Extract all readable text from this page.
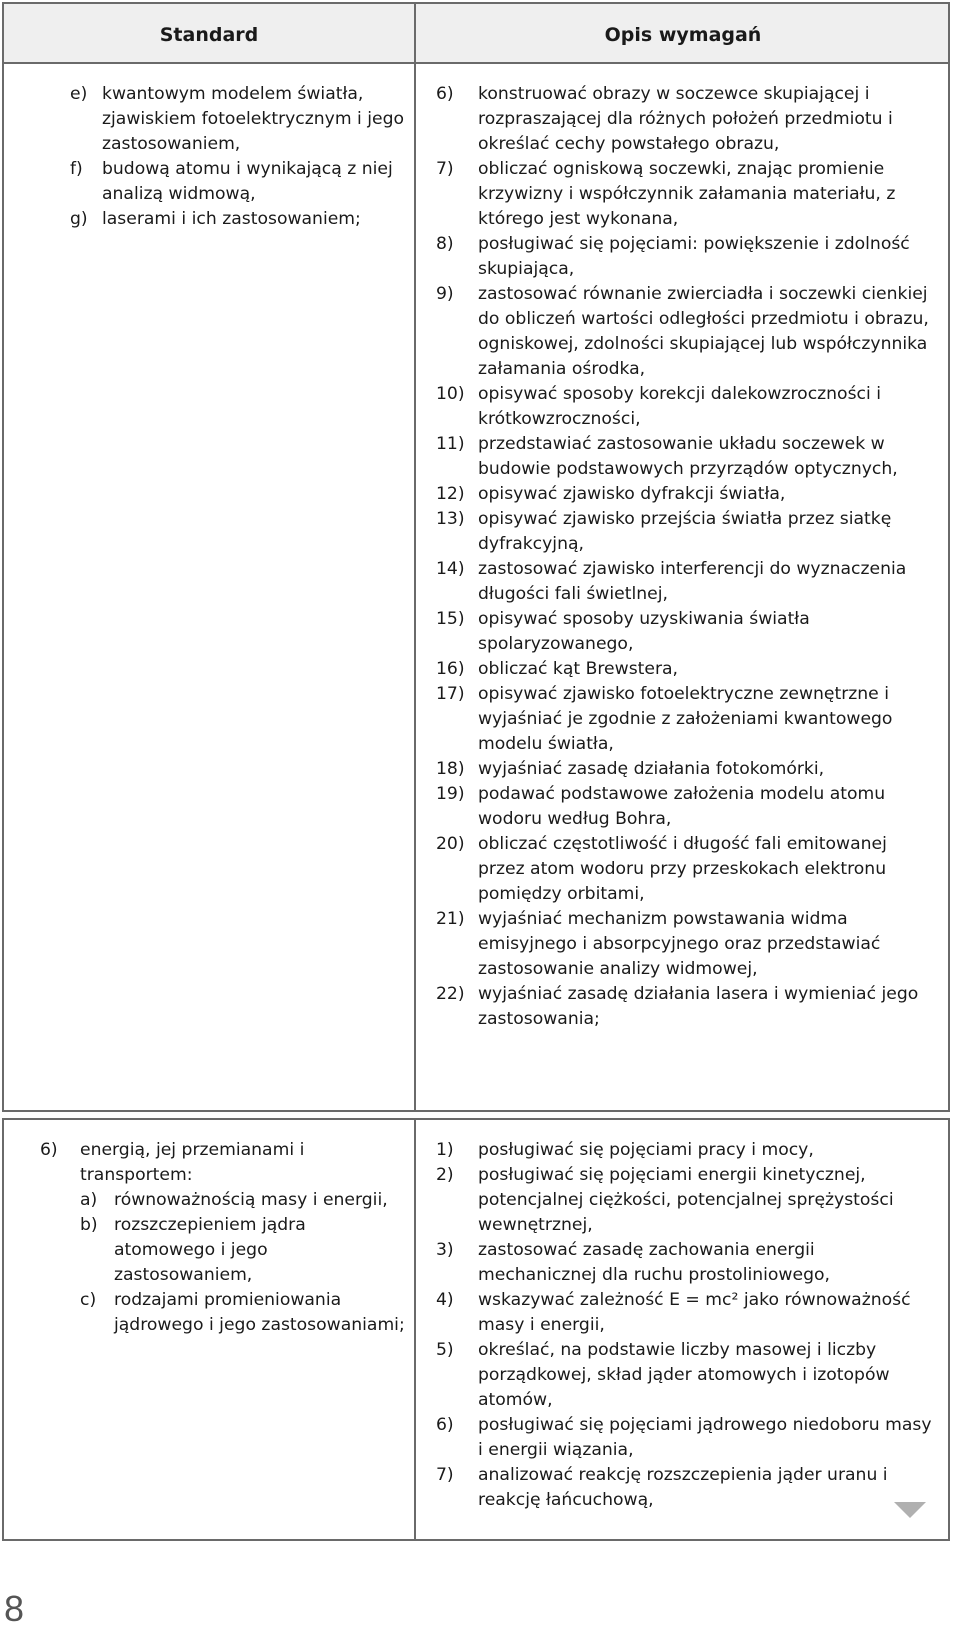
Standard	Opis wymagań
e) kwantowym modelem światła, zjawiskiem fotoelektrycznym i jego zastosowaniem,
f) budową atomu i wynikającą z niej analizą widmową,
g) laserami i ich zastosowaniem;
6) konstruować obrazy w soczewce skupiającej i rozpraszającej dla różnych położeń przedmiotu i określać cechy powstałego obrazu,
7) obliczać ogniskową soczewki, znając promienie krzywizny i współczynnik załamania materiału, z którego jest wykonana,
8) posługiwać się pojęciami: powiększenie i zdolność skupiająca,
9) zastosować równanie zwierciadła i soczewki cienkiej do obliczeń wartości odległości przedmiotu i obrazu, ogniskowej, zdolności skupiającej lub współczynnika załamania ośrodka,
10) opisywać sposoby korekcji dalekowzroczności i krótkowzroczności,
11) przedstawiać zastosowanie układu soczewek w budowie podstawowych przyrządów optycznych,
12) opisywać zjawisko dyfrakcji światła,
13) opisywać zjawisko przejścia światła przez siatkę dyfrakcyjną,
14) zastosować zjawisko interferencji do wyznaczenia długości fali świetlnej,
15) opisywać sposoby uzyskiwania światła spolaryzowanego,
16) obliczać kąt Brewstera,
17) opisywać zjawisko fotoelektryczne zewnętrzne i wyjaśniać je zgodnie z założeniami kwantowego modelu światła,
18) wyjaśniać zasadę działania fotokomórki,
19) podawać podstawowe założenia modelu atomu wodoru według Bohra,
20) obliczać częstotliwość i długość fali emitowanej przez atom wodoru przy przeskokach elektronu pomiędzy orbitami,
21) wyjaśniać mechanizm powstawania widma emisyjnego i absorpcyjnego oraz przedstawiać zastosowanie analizy widmowej,
22) wyjaśniać zasadę działania lasera i wymieniać jego zastosowania;
6) energią, jej przemianami i transportem:
a) równoważnością masy i energii,
b) rozszczepieniem jądra atomowego i jego zastosowaniem,
c) rodzajami promieniowania jądrowego i jego zastosowaniami;
1) posługiwać się pojęciami pracy i mocy,
2) posługiwać się pojęciami energii kinetycznej, potencjalnej ciężkości, potencjalnej sprężystości wewnętrznej,
3) zastosować zasadę zachowania energii mechanicznej dla ruchu prostoliniowego,
4) wskazywać zależność E = mc² jako równoważność masy i energii,
5) określać, na podstawie liczby masowej i liczby porządkowej, skład jąder atomowych i izotopów atomów,
6) posługiwać się pojęciami jądrowego niedoboru masy i energii wiązania,
7) analizować reakcję rozszczepienia jąder uranu i reakcję łańcuchową,
8
